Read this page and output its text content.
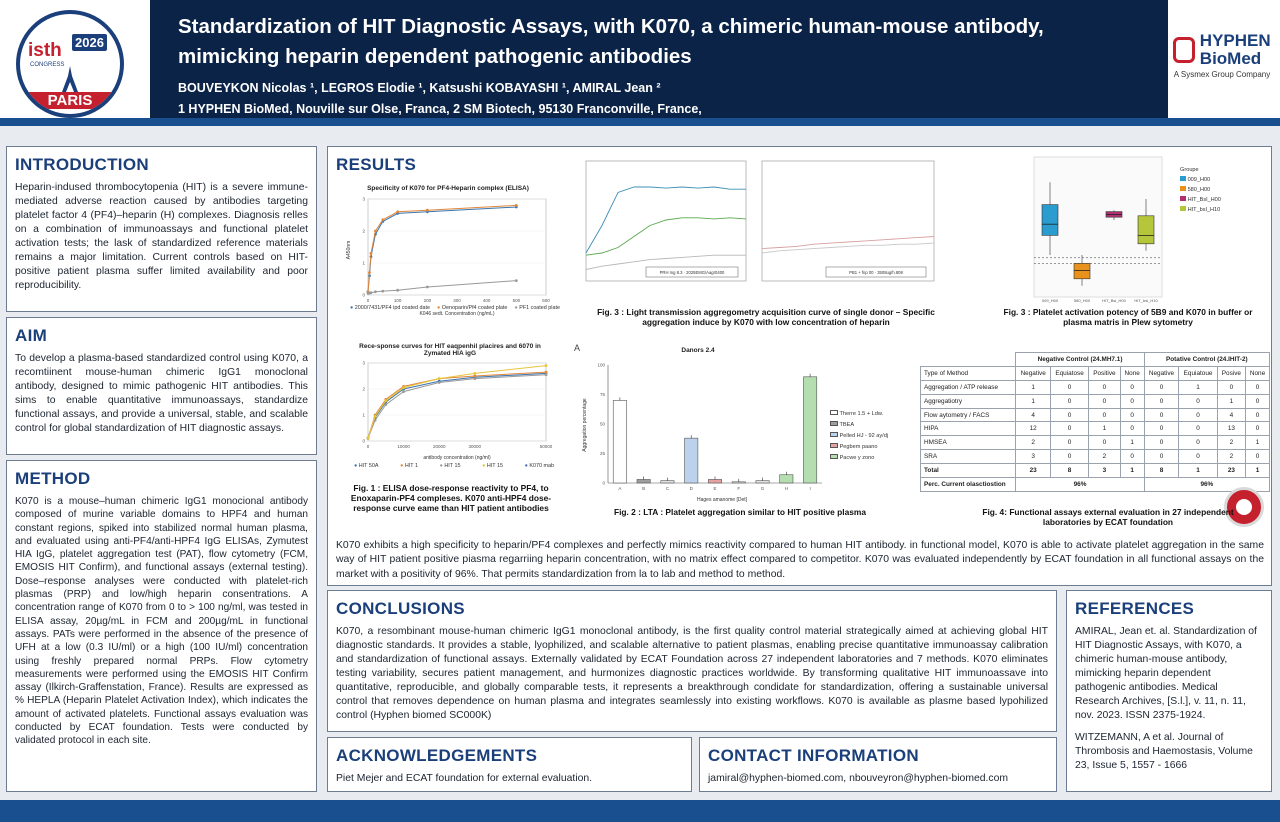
isth 2026
CONGRESS
PARIS
Standardization of HIT Diagnostic Assays, with K070, a chimeric human-mouse antibody, mimicking heparin dependent pathogenic antibodies
BOUVEYKON Nicolas ¹, LEGROS Elodie ¹, Katsushi KOBAYASHI ¹, AMIRAL Jean ²
1 HYPHEN BioMed, Nouville sur Olse, Franca, 2 SM Biotech, 95130 Franconville, France,
HYPHEN
BioMed
A Sysmex Group Company
INTRODUCTION

Heparin-indused thrombocytopenia (HIT) is a severe immune-mediated adverse reaction caused by antibodies targeting platelet factor 4 (PF4)–heparin (H) complexes. Diagnosis relles on a combination of immunoassays and functional platelet activation tests; the lask of standardized reference materials remains a major limitation. Current controls based on HIT-positive patient plasma suffer limited availability and poor reproducibility.

AIM

To develop a plasma-based standardized control using K070, a recomtiinent mouse-human chimeric IgG1 monoclonal antibody, designed to mimic pathogenic HIT antibodies. This sims to enable quantitative immunoassays, standardize functional assays, and provide a universal, stable, and scalable control for global standardization of HIT diagnostic assays.

METHOD

K070 is a mouse–human chimeric IgG1 monocional antibody composed of murine variable domains to HPF4 and human constant regions, spiked into stabilized normal human plasma, and evaluated using anti-PF4/anti-HPF4 IgG ELISAs, Zymutest HIA IgG, platelet aggregation test (PAT), flow cytometry (FCM, EMOSIS HIT Confirm), and functional assays (external testing). Dose–response analyses were conducted with platelet-rich plasmas (PRP) and low/high heparin consentrations. A concentration range of K070 from 0 to > 100 ng/ml, was tested in ELISA assay, 20µg/mL in FCM and 200µg/mL in functional assays. PATs were performed in the absence of the presence of UFH at a low (0.3 IU/ml) or a high (100 IU/ml) concentration using freshly prepared normal PRPs. Flow cytometry measurements were performed using the EMOSIS HIT Confirm assay (Ilkirch-Graffenstation, France). Results are expressed as % HEPLA (Heparin Platelet Activation Index), which indicates the amount of activated platelets. Functional assays evaluation was conducted by ECAT foundation. Tests were conducted by validated protocol in each site.

RESULTS
Specificity of K070 for PF4-Heparin complex (ELISA)
K046 sedt. Concentration (ng/mL)
A450nm
0
1
2
3
0	100	200	300	400	500	600
● 2000/7431/PF4 ipd coated date ● Oenoparin/Pf4 coated plate ● PF1 coated plate
Rece-sponse curves for HIT eaqpenhil placires and 6070 in Zymated HIA igG
antibody concentration (ng/ml)
0
1
2
3
0	10000	20000	30000	50000
● HIT 50A	● HIT 1	● HIT 15	● HIT 15	● K070 mab
Fig. 1 : ELISA dose-response reactivity to PF4, to Enoxaparin-PF4 compleses. K070 anti-HPF4 dose-response curve eame than HIT patient antibodies
PRH mg 8.3 · 2025EMG/Aagr0400	PB1 + fnp 00 · 3508ug/h.808
Fig. 3 : Light transmission aggregometry acquisition curve of single donor – Specific aggregation induce by K070 with low concentration of heparin
A	Danors 2.4
Hages amanome [Det]
Aggregation percentage
0
25
50
75
100
A	B	C	D	E	F	G	H	I
Therre 1.5 + Ldw.
TBEA
Pelled HJ - 92 ay/dj
Pegbem paano
Pacwe y zono
Fig. 2 : LTA : Platelet aggregation similar to HIT positive plasma
009_H00	580_H00	HIT_Bsl_H00 HIT_bsl_H10
Groupe
009_H00
580_H00
HIT_Bsl_H00
HIT_bsl_H10
Fig. 3 : Platelet activation potency of 5B9 and K070 in buffer or plasma matris in Plew sytometry
	Negative Control (24.MH7.1)				Potative Control (24.IHIT-2)			
Type of Method	Negative	Equiatose	Positive	None	Negative	Equiatoue	Posive	None
Aggregation / ATP release	1	0	0	0	0	1	0	0
Aggregatiotry	1	0	0	0	0	0	1	0
Flow aytometry / FACS	4	0	0	0	0	0	4	0
HIPA	12	0	1	0	0	0	13	0
HMSEA	2	0	0	1	0	0	2	1
SRA	3	0	2	0	0	0	2	0
Total	23	8	3	1	8	1	23	1
Perc. Current olasctiostion	96%				96%			
Fig. 4: Functional assays external evaluation in 27 independent laboratories by ECAT foundation
K070 exhibits a high specificity to heparin/PF4 complexes and perfectly mimics reactivity compared to human HIT antibody. in functional model, K070 is able to activate platelet aggregation in the same way of HIT patient positive piasma regarriing heparin concentration, with no matrix effect compared to competitor. K070 was evaluated independently by ECAT foundation in all functional assays on the market with a positivity of 96%. That permits standardization from la to lab and method to method.
CONCLUSIONS

K070, a resombinant mouse-human chimeric IgG1 monoclonal antibody, is the first quality control material strategically aimed at achieving global HIT diagnostic standards. It provides a stable, lyophilized, and scalable alternative to patient plasmas, enabling precise quantitative immunoassay calibration and standardization of functional assays. Externally validated by ECAT Foundation across 27 independent laboratories and 7 methods. K070 eliminates testing variability, secures patient management, and hurmonizes diagnostic practices worldwide. By transforming qualitative HIT immunoassave into quantitative, reproducible, and globally comparable tests, it represents a breakthrough condidate for standardization, offering a sustainable universal control that removes dependence on human plasma and integrates seamlessly into existing workflows. K070 is available as plasme based lypohilized control (Hyphen biomed SC000K)

ACKNOWLEDGEMENTS

Piet Mejer and ECAT foundation for external evaluation.

CONTACT INFORMATION

jamiral@hyphen-biomed.com, nbouveyron@hyphen-biomed.com

REFERENCES

AMIRAL, Jean et. al. Standardization of HIT Diagnostic Assays, with K070, a chimeric human-mouse antibody, mimicking heparin dependent pathogenic antibodies. Medical Research Archives, [S.l.], v. 11, n. 11, nov. 2023. ISSN 2375-1924.

WITZEMANN, A et al. Journal of Thrombosis and Haemostasis, Volume 23, Issue 5, 1557 - 1666
